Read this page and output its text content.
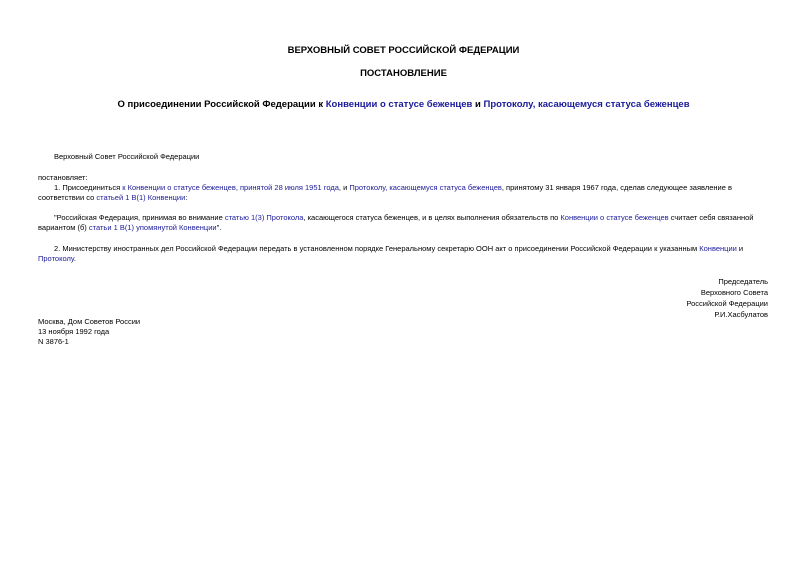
ВЕРХОВНЫЙ СОВЕТ РОССИЙСКОЙ ФЕДЕРАЦИИ
ПОСТАНОВЛЕНИЕ
О присоединении Российской Федерации к Конвенции о статусе беженцев и Протоколу, касающемуся статуса беженцев
Верховный Совет Российской Федерации
постановляет:
1. Присоединиться к Конвенции о статусе беженцев, принятой 28 июля 1951 года, и Протоколу, касающемуся статуса беженцев, принятому 31 января 1967 года, сделав следующее заявление в соответствии со статьей 1 В(1) Конвенции:
"Российская Федерация, принимая во внимание статью 1(3) Протокола, касающегося статуса беженцев, и в целях выполнения обязательств по Конвенции о статусе беженцев считает себя связанной вариантом (б) статьи 1 В(1) упомянутой Конвенции".
2. Министерству иностранных дел Российской Федерации передать в установленном порядке Генеральному секретарю ООН акт о присоединении Российской Федерации к указанным Конвенции и Протоколу.
Председатель
Верховного Совета
Российской Федерации
Р.И.Хасбулатов
Москва, Дом Советов России
13 ноября 1992 года
N 3876-1
